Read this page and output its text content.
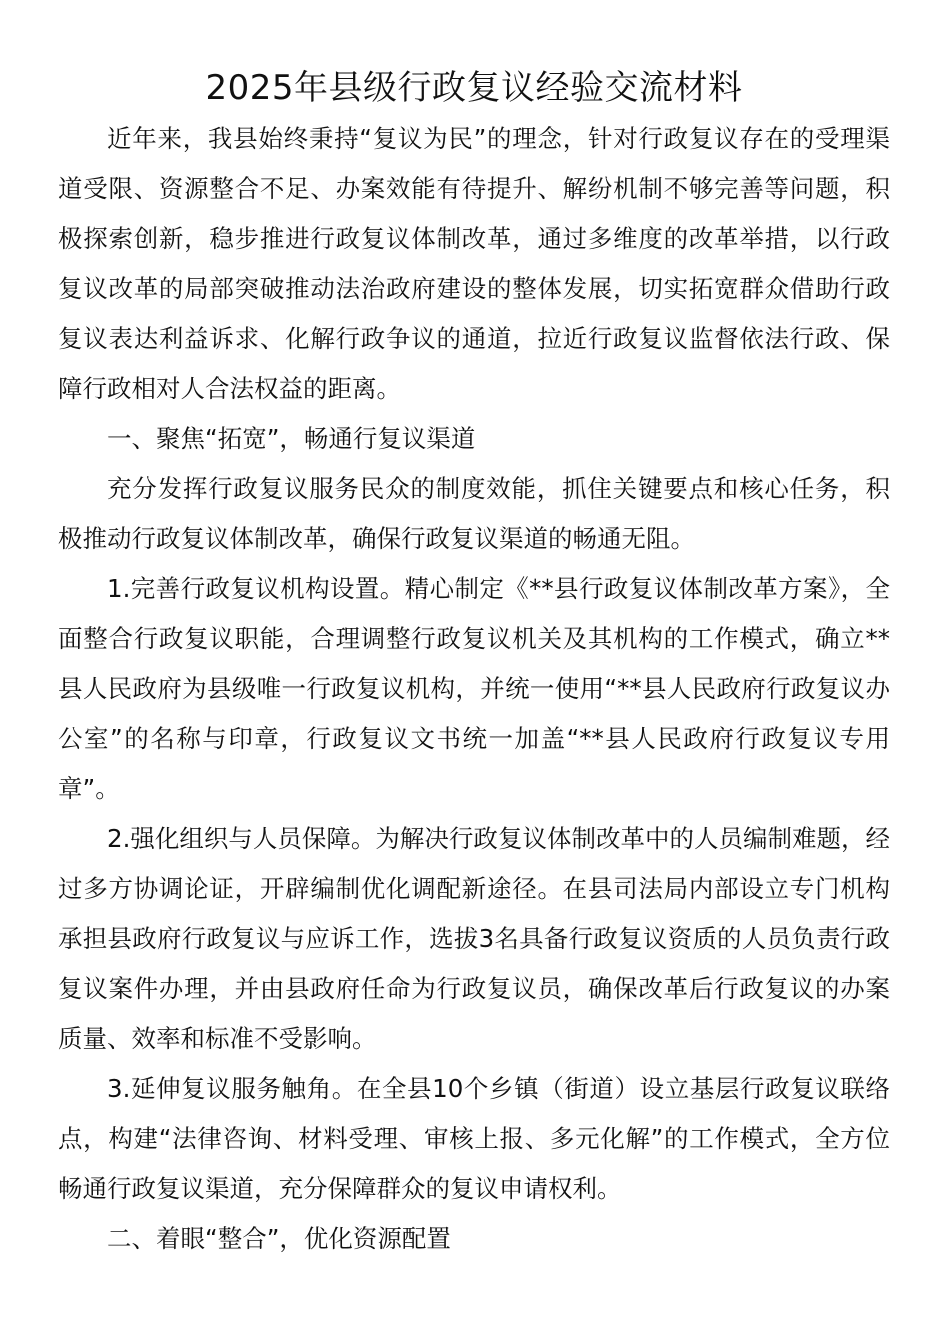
2025年县级行政复议经验交流材料

近年来，我县始终秉持“复议为民”的理念，针对行政复议存在的受理渠道受限、资源整合不足、办案效能有待提升、解纷机制不够完善等问题，积极探索创新，稳步推进行政复议体制改革，通过多维度的改革举措，以行政复议改革的局部突破推动法治政府建设的整体发展，切实拓宽群众借助行政复议表达利益诉求、化解行政争议的通道，拉近行政复议监督依法行政、保障行政相对人合法权益的距离。

一、聚焦“拓宽”，畅通行复议渠道

充分发挥行政复议服务民众的制度效能，抓住关键要点和核心任务，积极推动行政复议体制改革，确保行政复议渠道的畅通无阻。

1.完善行政复议机构设置。精心制定《**县行政复议体制改革方案》，全面整合行政复议职能，合理调整行政复议机关及其机构的工作模式，确立**县人民政府为县级唯一行政复议机构，并统一使用“**县人民政府行政复议办公室”的名称与印章，行政复议文书统一加盖“**县人民政府行政复议专用章”。

2.强化组织与人员保障。为解决行政复议体制改革中的人员编制难题，经过多方协调论证，开辟编制优化调配新途径。在县司法局内部设立专门机构承担县政府行政复议与应诉工作，选拔3名具备行政复议资质的人员负责行政复议案件办理，并由县政府任命为行政复议员，确保改革后行政复议的办案质量、效率和标准不受影响。

3.延伸复议服务触角。在全县10个乡镇（街道）设立基层行政复议联络点，构建“法律咨询、材料受理、审核上报、多元化解”的工作模式，全方位畅通行政复议渠道，充分保障群众的复议申请权利。

二、着眼“整合”，优化资源配置
